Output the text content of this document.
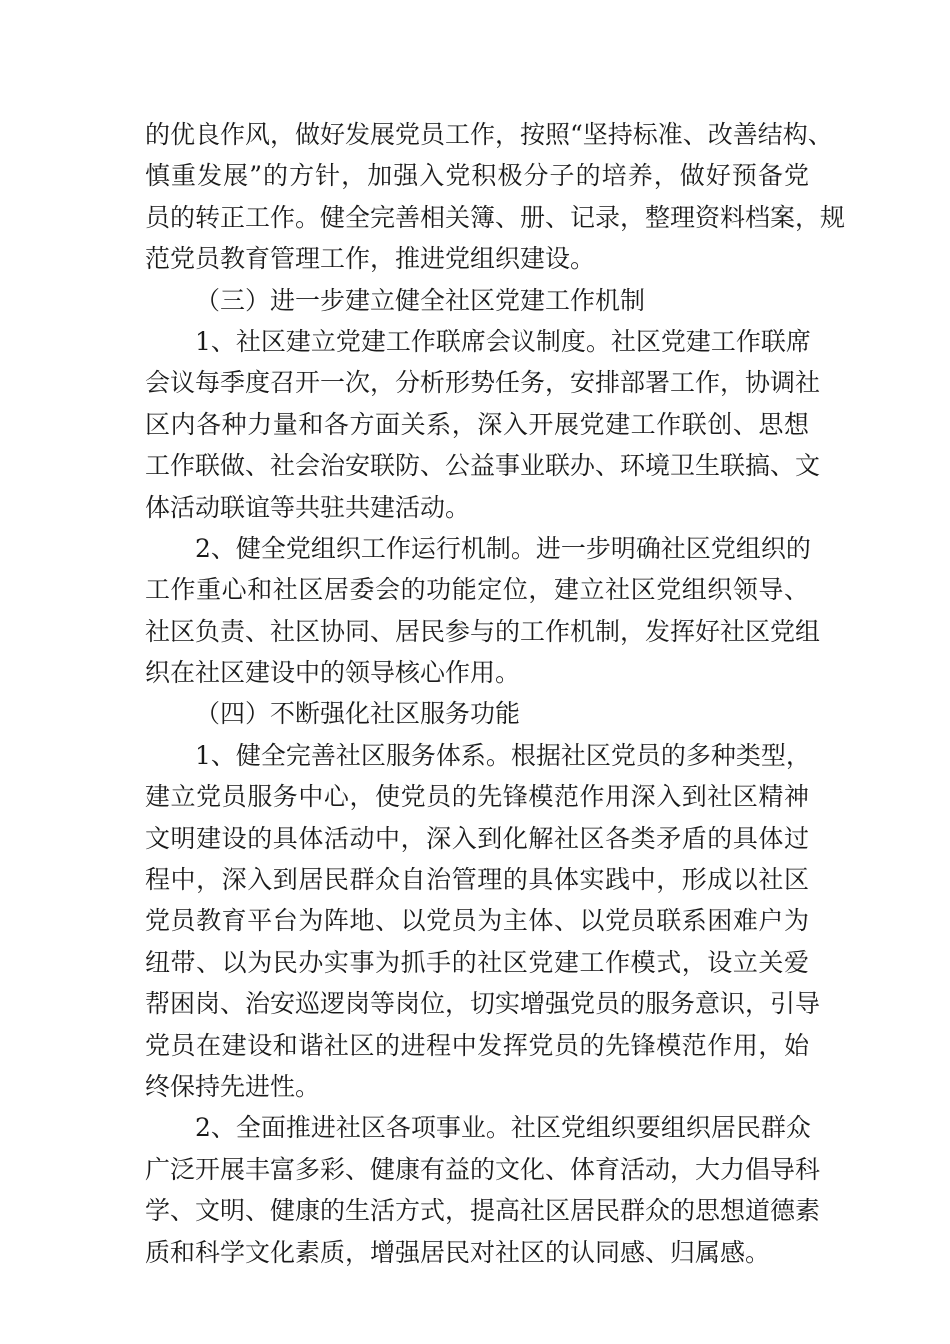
的优良作风，做好发展党员工作，按照“坚持标准、改善结构、
慎重发展”的方针，加强入党积极分子的培养，做好预备党
员的转正工作。健全完善相关簿、册、记录，整理资料档案，规
范党员教育管理工作，推进党组织建设。
（三）进一步建立健全社区党建工作机制
1、社区建立党建工作联席会议制度。社区党建工作联席
会议每季度召开一次，分析形势任务，安排部署工作，协调社
区内各种力量和各方面关系，深入开展党建工作联创、思想
工作联做、社会治安联防、公益事业联办、环境卫生联搞、文
体活动联谊等共驻共建活动。
2、健全党组织工作运行机制。进一步明确社区党组织的
工作重心和社区居委会的功能定位，建立社区党组织领导、
社区负责、社区协同、居民参与的工作机制，发挥好社区党组
织在社区建设中的领导核心作用。
（四）不断强化社区服务功能
1、健全完善社区服务体系。根据社区党员的多种类型，
建立党员服务中心，使党员的先锋模范作用深入到社区精神
文明建设的具体活动中，深入到化解社区各类矛盾的具体过
程中，深入到居民群众自治管理的具体实践中，形成以社区
党员教育平台为阵地、以党员为主体、以党员联系困难户为
纽带、以为民办实事为抓手的社区党建工作模式，设立关爱
帮困岗、治安巡逻岗等岗位，切实增强党员的服务意识，引导
党员在建设和谐社区的进程中发挥党员的先锋模范作用，始
终保持先进性。
2、全面推进社区各项事业。社区党组织要组织居民群众
广泛开展丰富多彩、健康有益的文化、体育活动，大力倡导科
学、文明、健康的生活方式，提高社区居民群众的思想道德素
质和科学文化素质，增强居民对社区的认同感、归属感。
